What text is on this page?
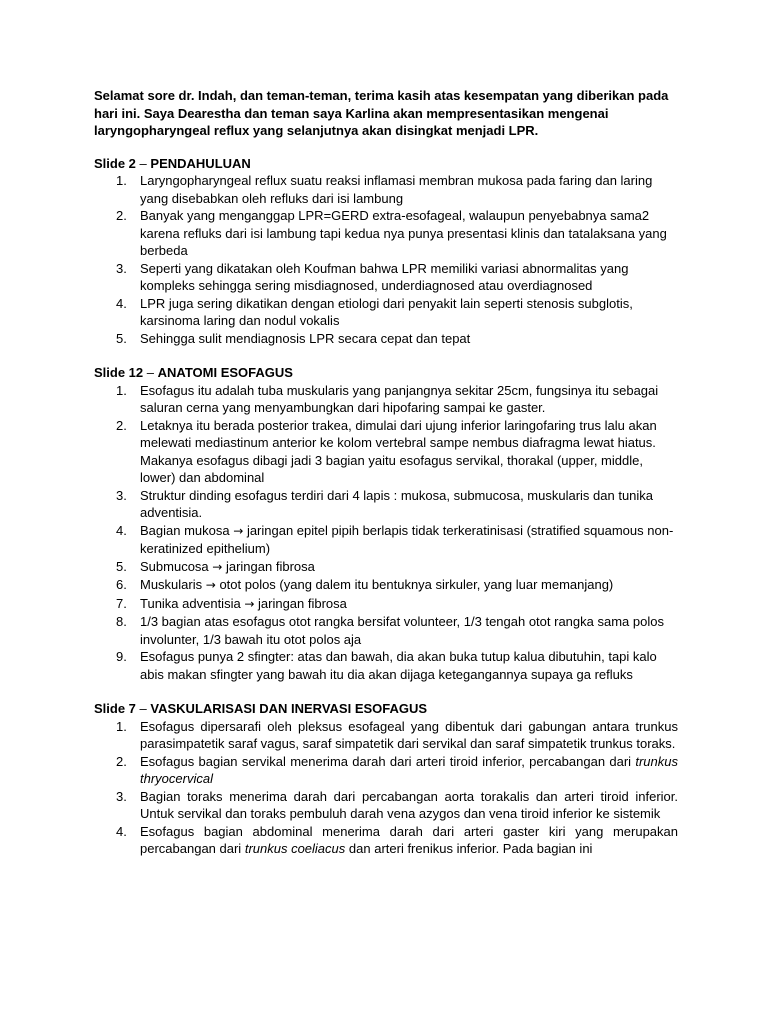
Selamat sore dr. Indah, dan teman-teman, terima kasih atas kesempatan yang diberikan pada hari ini. Saya Dearestha dan teman saya Karlina akan mempresentasikan mengenai laryngopharyngeal reflux yang selanjutnya akan disingkat menjadi LPR.

Slide 2 – PENDAHULUAN

1. Laryngopharyngeal reflux suatu reaksi inflamasi membran mukosa pada faring dan laring yang disebabkan oleh refluks dari isi lambung
2. Banyak yang menganggap LPR=GERD extra-esofageal, walaupun penyebabnya sama2 karena refluks dari isi lambung tapi kedua nya punya presentasi klinis dan tatalaksana yang berbeda
3. Seperti yang dikatakan oleh Koufman bahwa LPR memiliki variasi abnormalitas yang kompleks sehingga sering misdiagnosed, underdiagnosed atau overdiagnosed
4. LPR juga sering dikatikan dengan etiologi dari penyakit lain seperti stenosis subglotis, karsinoma laring dan nodul vokalis
5. Sehingga sulit mendiagnosis LPR secara cepat dan tepat

Slide 12 – ANATOMI ESOFAGUS

1. Esofagus itu adalah tuba muskularis yang panjangnya sekitar 25cm, fungsinya itu sebagai saluran cerna yang menyambungkan dari hipofaring sampai ke gaster.
2. Letaknya itu berada posterior trakea, dimulai dari ujung inferior laringofaring trus lalu akan melewati mediastinum anterior ke kolom vertebral sampe nembus diafragma lewat hiatus. Makanya esofagus dibagi jadi 3 bagian yaitu esofagus servikal, thorakal (upper, middle, lower) dan abdominal
3. Struktur dinding esofagus terdiri dari 4 lapis : mukosa, submucosa, muskularis dan tunika adventisia.
4. Bagian mukosa → jaringan epitel pipih berlapis tidak terkeratinisasi (stratified squamous non-keratinized epithelium)
5. Submucosa → jaringan fibrosa
6. Muskularis → otot polos (yang dalem itu bentuknya sirkuler, yang luar memanjang)
7. Tunika adventisia → jaringan fibrosa
8. 1/3 bagian atas esofagus otot rangka bersifat volunteer, 1/3 tengah otot rangka sama polos involunter, 1/3 bawah itu otot polos aja
9. Esofagus punya 2 sfingter: atas dan bawah, dia akan buka tutup kalua dibutuhin, tapi kalo abis makan sfingter yang bawah itu dia akan dijaga ketegangannya supaya ga refluks

Slide 7 – VASKULARISASI DAN INERVASI ESOFAGUS

1. Esofagus dipersarafi oleh pleksus esofageal yang dibentuk dari gabungan antara trunkus parasimpatetik saraf vagus, saraf simpatetik dari servikal dan saraf simpatetik trunkus toraks.
2. Esofagus bagian servikal menerima darah dari arteri tiroid inferior, percabangan dari trunkus thryocervical
3. Bagian toraks menerima darah dari percabangan aorta torakalis dan arteri tiroid inferior. Untuk servikal dan toraks pembuluh darah vena azygos dan vena tiroid inferior ke sistemik
4. Esofagus bagian abdominal menerima darah dari arteri gaster kiri yang merupakan percabangan dari trunkus coeliacus dan arteri frenikus inferior. Pada bagian ini
